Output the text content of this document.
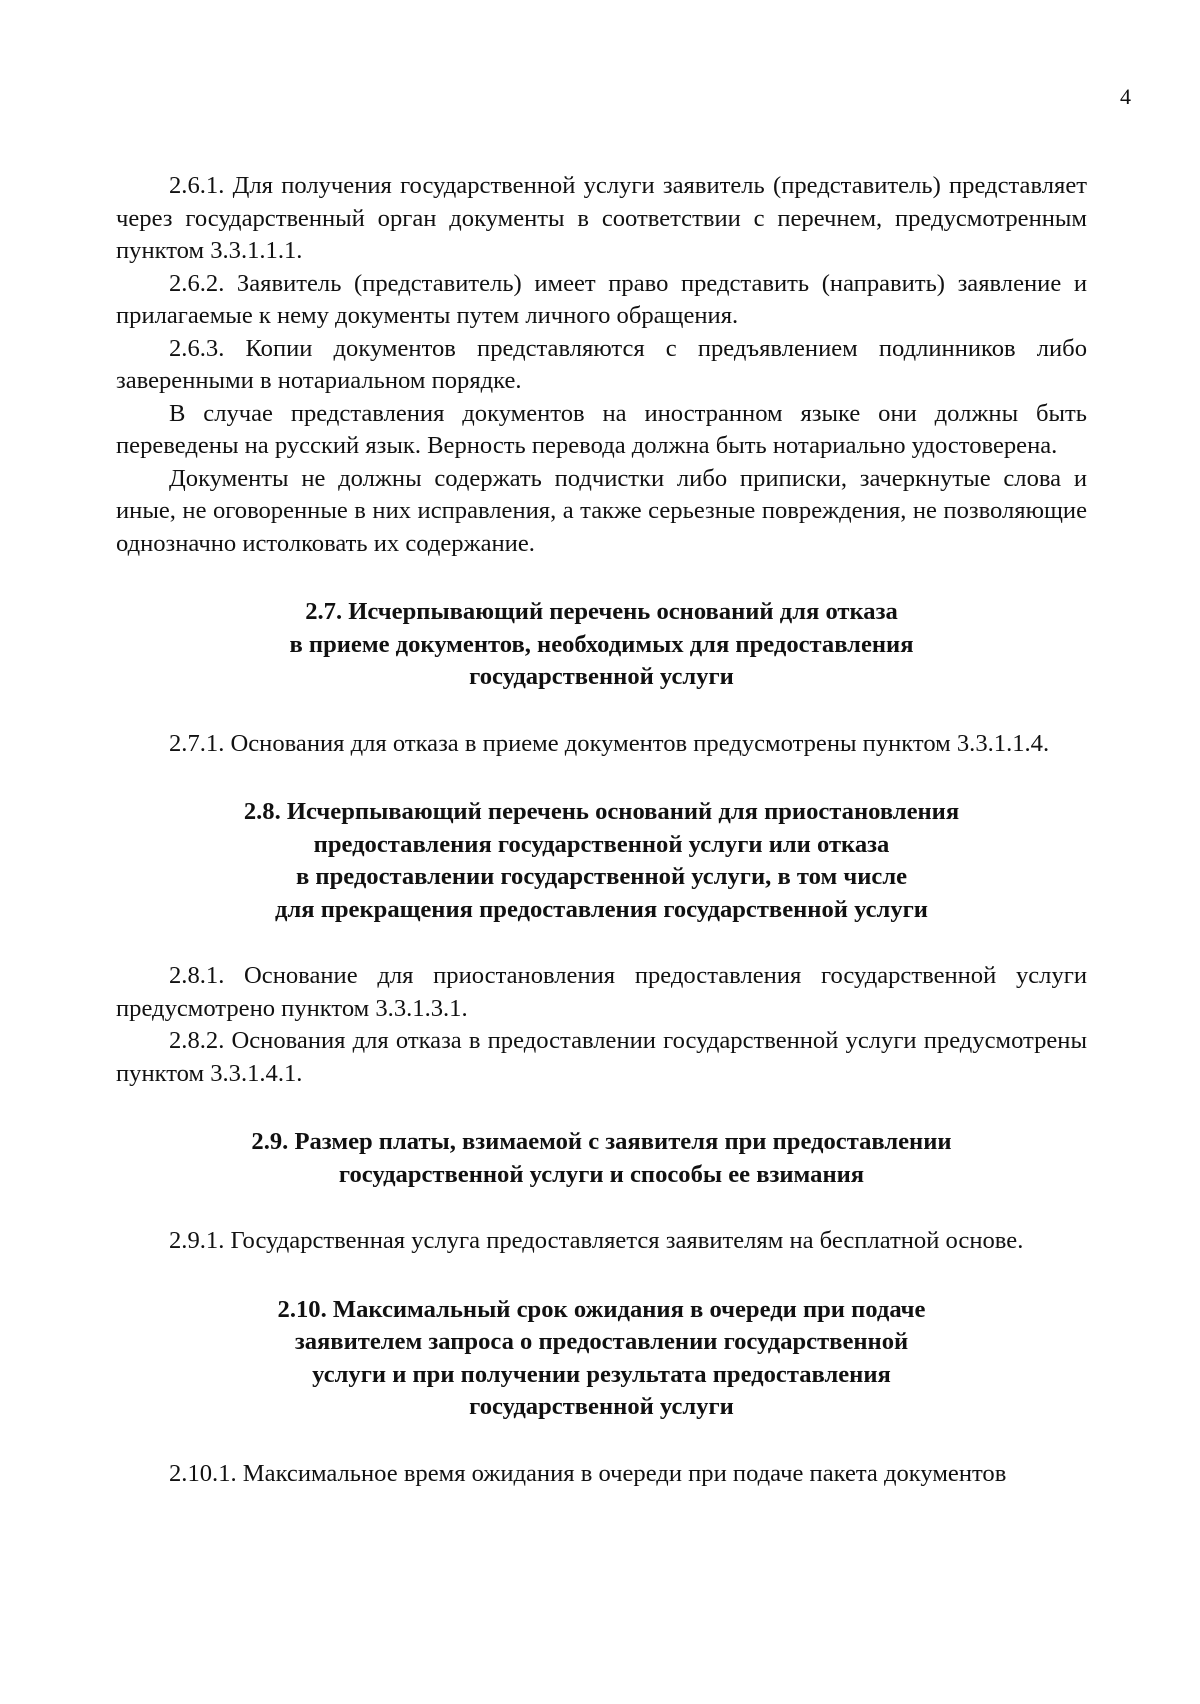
4

2.6.1. Для получения государственной услуги заявитель (представитель) представляет через государственный орган документы в соответствии с перечнем, предусмотренным пунктом 3.3.1.1.1.

2.6.2. Заявитель (представитель) имеет право представить (направить) заявление и прилагаемые к нему документы путем личного обращения.

2.6.3. Копии документов представляются с предъявлением подлинников либо заверенными в нотариальном порядке.

В случае представления документов на иностранном языке они должны быть переведены на русский язык. Верность перевода должна быть нотариально удостоверена.

Документы не должны содержать подчистки либо приписки, зачеркнутые слова и иные, не оговоренные в них исправления, а также серьезные повреждения, не позволяющие однозначно истолковать их содержание.

2.7. Исчерпывающий перечень оснований для отказа
в приеме документов, необходимых для предоставления
государственной услуги

2.7.1. Основания для отказа в приеме документов предусмотрены пунктом 3.3.1.1.4.

2.8. Исчерпывающий перечень оснований для приостановления
предоставления государственной услуги или отказа
в предоставлении государственной услуги, в том числе
для прекращения предоставления государственной услуги

2.8.1. Основание для приостановления предоставления государственной услуги предусмотрено пунктом 3.3.1.3.1.

2.8.2. Основания для отказа в предоставлении государственной услуги предусмотрены пунктом 3.3.1.4.1.

2.9. Размер платы, взимаемой с заявителя при предоставлении
государственной услуги и способы ее взимания

2.9.1. Государственная услуга предоставляется заявителям на бесплатной основе.

2.10. Максимальный срок ожидания в очереди при подаче
заявителем запроса о предоставлении государственной
услуги и при получении результата предоставления
государственной услуги

2.10.1. Максимальное время ожидания в очереди при подаче пакета документов
